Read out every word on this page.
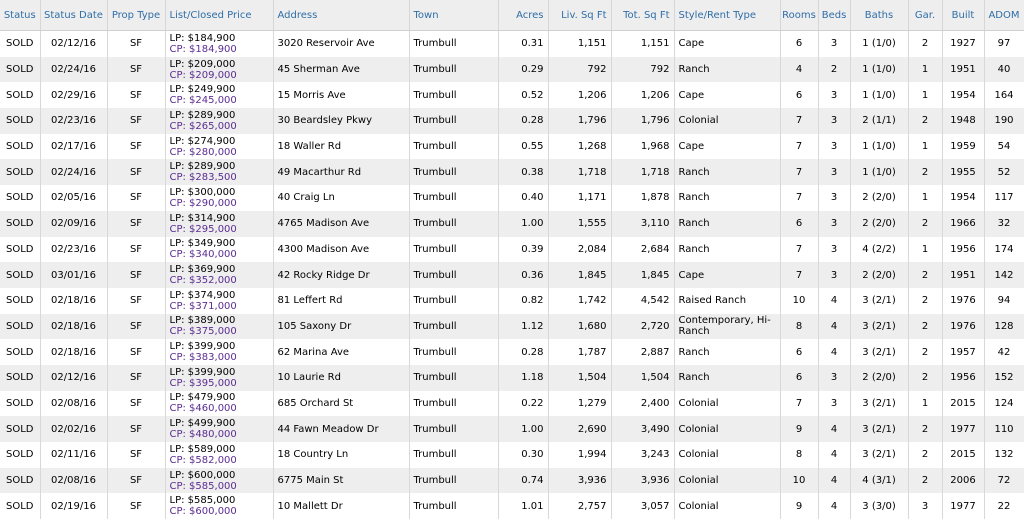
Status	Status Date	Prop Type	List/Closed Price	Address	Town	Acres	Liv. Sq Ft	Tot. Sq Ft	Style/Rent Type	Rooms	Beds	Baths	Gar.	Built	ADOM
SOLD	02/12/16	SF	LP: $184,900
CP: $184,900	3020 Reservoir Ave	Trumbull	0.31	1,151	1,151	Cape	6	3	1 (1/0)	2	1927	97
SOLD	02/24/16	SF	LP: $209,000
CP: $209,000	45 Sherman Ave	Trumbull	0.29	792	792	Ranch	4	2	1 (1/0)	1	1951	40
SOLD	02/29/16	SF	LP: $249,900
CP: $245,000	15 Morris Ave	Trumbull	0.52	1,206	1,206	Cape	6	3	1 (1/0)	1	1954	164
SOLD	02/23/16	SF	LP: $289,900
CP: $265,000	30 Beardsley Pkwy	Trumbull	0.28	1,796	1,796	Colonial	7	3	2 (1/1)	2	1948	190
SOLD	02/17/16	SF	LP: $274,900
CP: $280,000	18 Waller Rd	Trumbull	0.55	1,268	1,968	Cape	7	3	1 (1/0)	1	1959	54
SOLD	02/24/16	SF	LP: $289,900
CP: $283,500	49 Macarthur Rd	Trumbull	0.38	1,718	1,718	Ranch	7	3	1 (1/0)	2	1955	52
SOLD	02/05/16	SF	LP: $300,000
CP: $290,000	40 Craig Ln	Trumbull	0.40	1,171	1,878	Ranch	7	3	2 (2/0)	1	1954	117
SOLD	02/09/16	SF	LP: $314,900
CP: $295,000	4765 Madison Ave	Trumbull	1.00	1,555	3,110	Ranch	6	3	2 (2/0)	2	1966	32
SOLD	02/23/16	SF	LP: $349,900
CP: $340,000	4300 Madison Ave	Trumbull	0.39	2,084	2,684	Ranch	7	3	4 (2/2)	1	1956	174
SOLD	03/01/16	SF	LP: $369,900
CP: $352,000	42 Rocky Ridge Dr	Trumbull	0.36	1,845	1,845	Cape	7	3	2 (2/0)	2	1951	142
SOLD	02/18/16	SF	LP: $374,900
CP: $371,000	81 Leffert Rd	Trumbull	0.82	1,742	4,542	Raised Ranch	10	4	3 (2/1)	2	1976	94
SOLD	02/18/16	SF	LP: $389,000
CP: $375,000	105 Saxony Dr	Trumbull	1.12	1,680	2,720	Contemporary, Hi-Ranch	8	4	3 (2/1)	2	1976	128
SOLD	02/18/16	SF	LP: $399,900
CP: $383,000	62 Marina Ave	Trumbull	0.28	1,787	2,887	Ranch	6	4	3 (2/1)	2	1957	42
SOLD	02/12/16	SF	LP: $399,900
CP: $395,000	10 Laurie Rd	Trumbull	1.18	1,504	1,504	Ranch	6	3	2 (2/0)	2	1956	152
SOLD	02/08/16	SF	LP: $479,900
CP: $460,000	685 Orchard St	Trumbull	0.22	1,279	2,400	Colonial	7	3	3 (2/1)	1	2015	124
SOLD	02/02/16	SF	LP: $499,900
CP: $480,000	44 Fawn Meadow Dr	Trumbull	1.00	2,690	3,490	Colonial	9	4	3 (2/1)	2	1977	110
SOLD	02/11/16	SF	LP: $589,000
CP: $582,000	18 Country Ln	Trumbull	0.30	1,994	3,243	Colonial	8	4	3 (2/1)	2	2015	132
SOLD	02/08/16	SF	LP: $600,000
CP: $585,000	6775 Main St	Trumbull	0.74	3,936	3,936	Colonial	10	4	4 (3/1)	2	2006	72
SOLD	02/19/16	SF	LP: $585,000
CP: $600,000	10 Mallett Dr	Trumbull	1.01	2,757	3,057	Colonial	9	4	3 (3/0)	3	1977	22
